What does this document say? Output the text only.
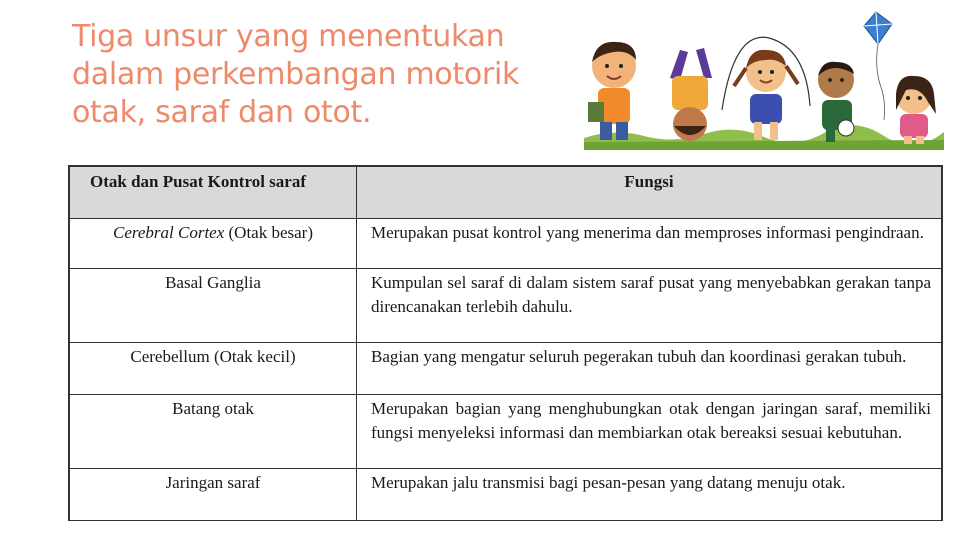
Tiga unsur yang menentukan
dalam perkembangan motorik
otak, saraf dan otot.
Otak dan Pusat Kontrol saraf	Fungsi
Cerebral Cortex (Otak besar)	Merupakan pusat kontrol yang menerima dan memproses informasi pengindraan.
Basal Ganglia	Kumpulan sel saraf di dalam sistem saraf pusat yang menyebabkan gerakan tanpa direncanakan terlebih dahulu.
Cerebellum (Otak kecil)	Bagian yang mengatur seluruh pegerakan tubuh dan koordinasi gerakan tubuh.
Batang otak	Merupakan bagian yang menghubungkan otak dengan jaringan saraf, memiliki fungsi menyeleksi informasi dan membiarkan otak bereaksi sesuai kebutuhan.
Jaringan saraf	Merupakan jalu transmisi bagi pesan-pesan yang datang menuju otak.
